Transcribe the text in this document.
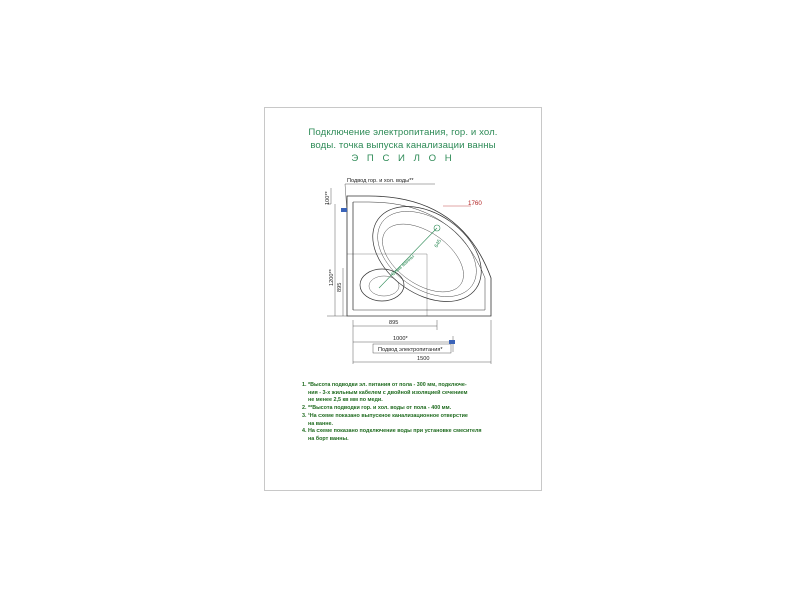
Подключение электропитания, гор. и хол.
воды. точка выпуска канализации ванны
Э П С И Л О Н
Слив ванны
645
Подвод гор. и хол. воды**
1760
100**
1200**
895
895
1000*
1500
Подвод электропитания*
1. *Высота подводки эл. питания от пола - 300 мм, подключе-
ния - 3-х жильным кабелем с двойной изоляцией сечением
не менее 2,5 кв мм по меди.
2. **Высота подводки гор. и хол. воды от пола - 400 мм.
3. ¹На схеме показано выпускное канализационное отверстие
на ванне.
4. На схеме показано подключение воды при установке смесителя
на борт ванны.
